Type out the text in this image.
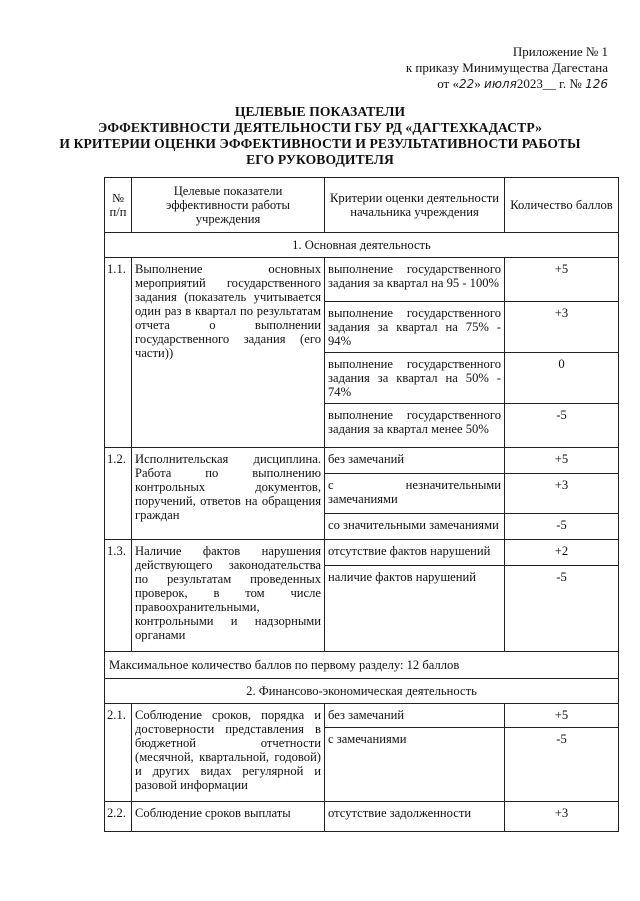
Приложение № 1
к приказу Минимущества Дагестана
от «22» июля2023__ г. № 126
ЦЕЛЕВЫЕ ПОКАЗАТЕЛИ
ЭФФЕКТИВНОСТИ ДЕЯТЕЛЬНОСТИ ГБУ РД «ДАГТЕХКАДАСТР»
И КРИТЕРИИ ОЦЕНКИ ЭФФЕКТИВНОСТИ И РЕЗУЛЬТАТИВНОСТИ РАБОТЫ
ЕГО РУКОВОДИТЕЛЯ
№ п/п	Целевые показатели эффективности работы учреждения	Критерии оценки деятельности начальника учреждения	Количество баллов
1. Основная деятельность			
1.1.	Выполнение основных мероприятий государственного задания (показатель учитывается один раз в квартал по результатам отчета о выполнении государственного задания (его части))	выполнение государственного задания за квартал на 95 - 100%	+5
		выполнение государственного задания за квартал на 75% - 94%	+3
		выполнение государственного задания за квартал на 50% - 74%	0
		выполнение государственного задания за квартал менее 50%	-5
1.2.	Исполнительская дисциплина. Работа по выполнению контрольных документов, поручений, ответов на обращения граждан	без замечаний	+5
		с незначительными замечаниями	+3
		со значительными замечаниями	-5
1.3.	Наличие фактов нарушения действующего законодательства по результатам проведенных проверок, в том числе правоохранительными, контрольными и надзорными органами	отсутствие фактов нарушений	+2
		наличие фактов нарушений	-5
Максимальное количество баллов по первому разделу: 12 баллов			
2. Финансово-экономическая деятельность			
2.1.	Соблюдение сроков, порядка и достоверности представления в бюджетной отчетности (месячной, квартальной, годовой) и других видах регулярной и разовой информации	без замечаний	+5
		с замечаниями	-5
2.2.	Соблюдение сроков выплаты	отсутствие задолженности	+3
